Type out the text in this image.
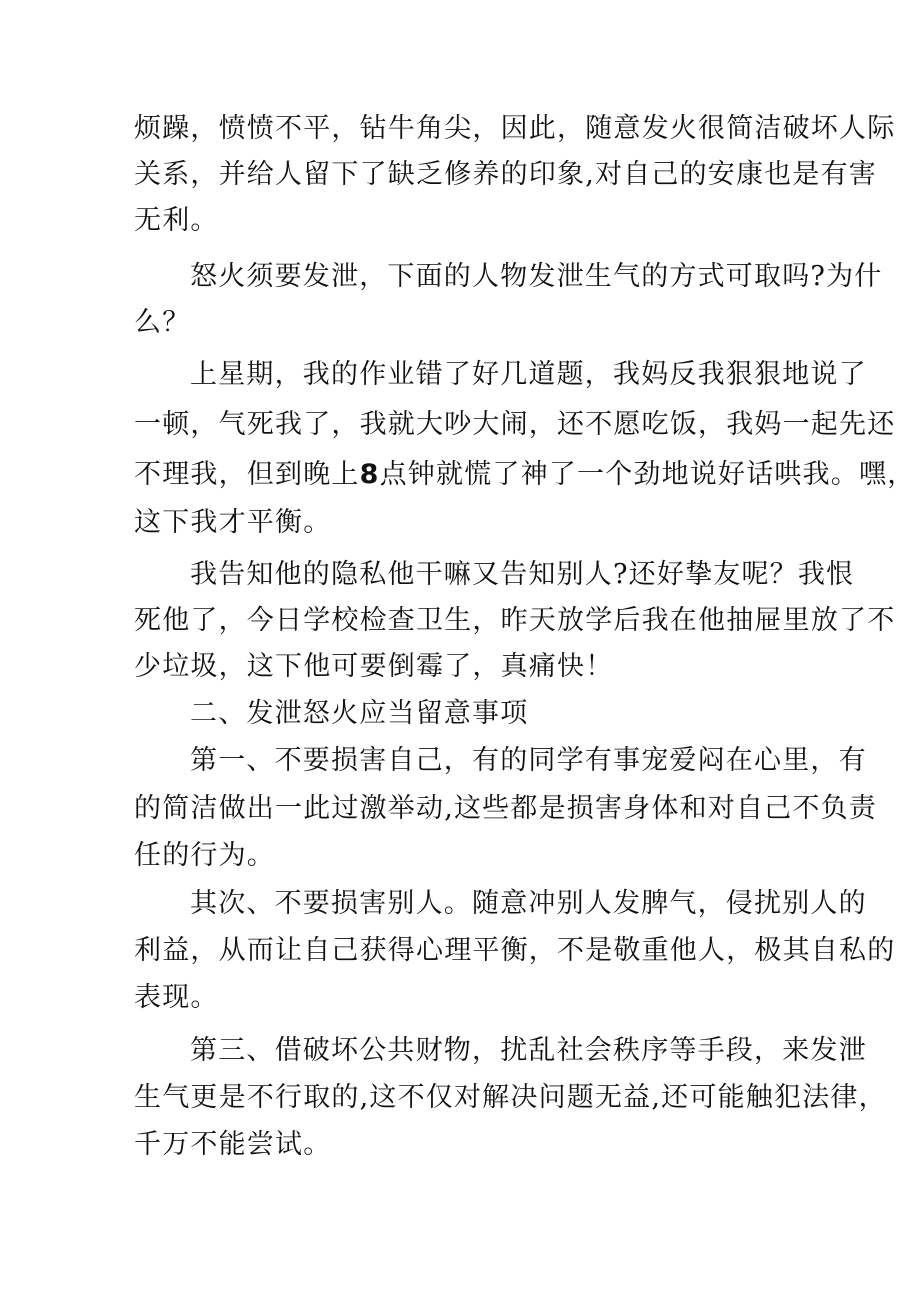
烦躁，愤愤不平，钻牛角尖，因此，随意发火很简洁破坏人际
关系，并给人留下了缺乏修养的印象,对自己的安康也是有害
无利。
怒火须要发泄，下面的人物发泄生气的方式可取吗?为什
么？
上星期，我的作业错了好几道题，我妈反我狠狠地说了
一顿，气死我了，我就大吵大闹，还不愿吃饭，我妈一起先还
不理我，但到晚上8点钟就慌了神了一个劲地说好话哄我。嘿，
这下我才平衡。
我告知他的隐私他干嘛又告知别人?还好挚友呢？我恨
死他了，今日学校检查卫生，昨天放学后我在他抽屉里放了不
少垃圾，这下他可要倒霉了，真痛快！
二、发泄怒火应当留意事项
第一、不要损害自己，有的同学有事宠爱闷在心里，有
的简洁做出一此过激举动,这些都是损害身体和对自己不负责
任的行为。
其次、不要损害别人。随意冲别人发脾气，侵扰别人的
利益，从而让自己获得心理平衡，不是敬重他人，极其自私的
表现。
第三、借破坏公共财物，扰乱社会秩序等手段，来发泄
生气更是不行取的,这不仅对解决问题无益,还可能触犯法律，
千万不能尝试。
